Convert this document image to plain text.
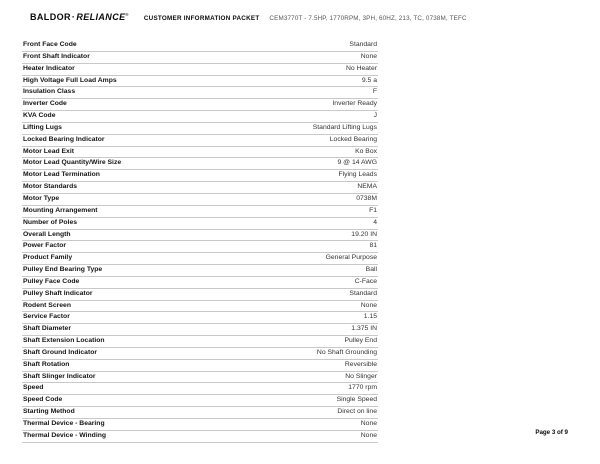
BALDOR·RELIANCE®
CUSTOMER INFORMATION PACKET CEM3770T - 7.5HP, 1770RPM, 3PH, 60HZ, 213, TC, 0738M, TEFC
Front Face Code	Standard
Front Shaft Indicator	None
Heater Indicator	No Heater
High Voltage Full Load Amps	9.5 a
Insulation Class	F
Inverter Code	Inverter Ready
KVA Code	J
Lifting Lugs	Standard Lifting Lugs
Locked Bearing Indicator	Locked Bearing
Motor Lead Exit	Ko Box
Motor Lead Quantity/Wire Size	9 @ 14 AWG
Motor Lead Termination	Flying Leads
Motor Standards	NEMA
Motor Type	0738M
Mounting Arrangement	F1
Number of Poles	4
Overall Length	19.20 IN
Power Factor	81
Product Family	General Purpose
Pulley End Bearing Type	Ball
Pulley Face Code	C-Face
Pulley Shaft Indicator	Standard
Rodent Screen	None
Service Factor	1.15
Shaft Diameter	1.375 IN
Shaft Extension Location	Pulley End
Shaft Ground Indicator	No Shaft Grounding
Shaft Rotation	Reversible
Shaft Slinger Indicator	No Slinger
Speed	1770 rpm
Speed Code	Single Speed
Starting Method	Direct on line
Thermal Device - Bearing	None
Thermal Device - Winding	None	Page 3 of 9
